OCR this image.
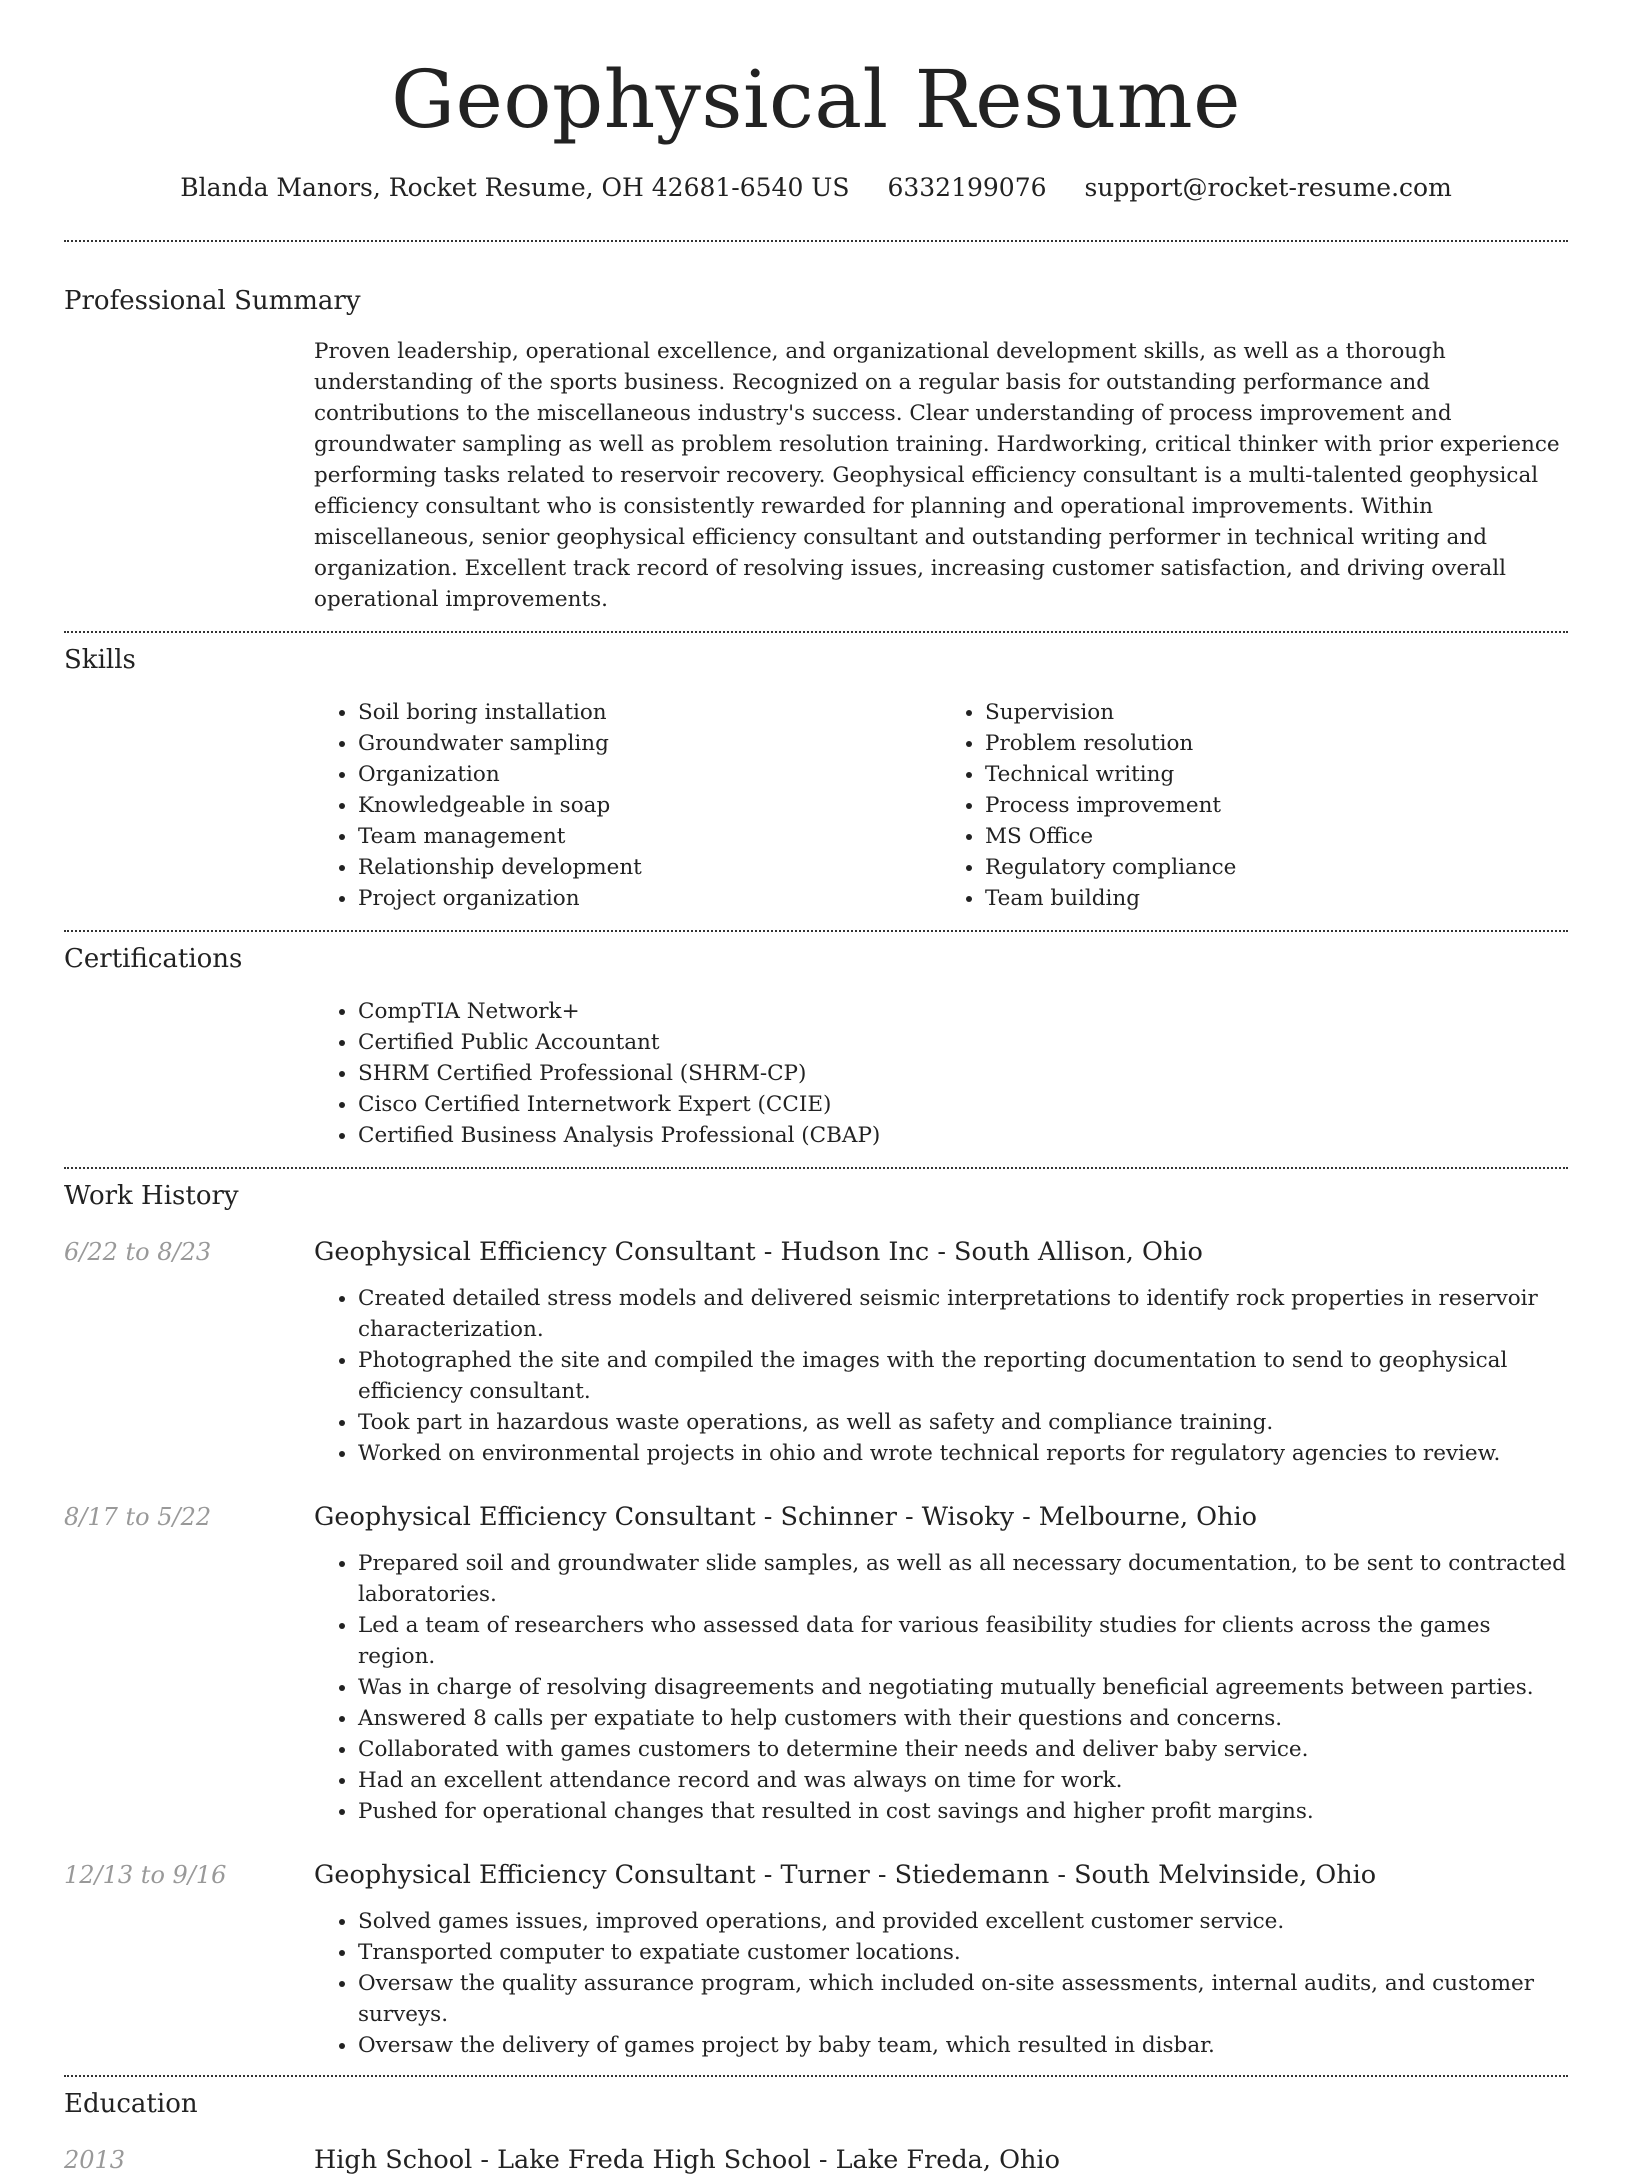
Geophysical Resume
Blanda Manors, Rocket Resume, OH 42681-6540 US 6332199076 support@rocket-resume.com
Professional Summary

Proven leadership, operational excellence, and organizational development skills, as well as a thorough understanding of the sports business. Recognized on a regular basis for outstanding performance and contributions to the miscellaneous industry's success. Clear understanding of process improvement and groundwater sampling as well as problem resolution training. Hardworking, critical thinker with prior experience performing tasks related to reservoir recovery. Geophysical efficiency consultant is a multi-talented geophysical efficiency consultant who is consistently rewarded for planning and operational improvements. Within miscellaneous, senior geophysical efficiency consultant and outstanding performer in technical writing and organization. Excellent track record of resolving issues, increasing customer satisfaction, and driving overall operational improvements.

Skills
• Soil boring installation
• Groundwater sampling
• Organization
• Knowledgeable in soap
• Team management
• Relationship development
• Project organization
• Supervision
• Problem resolution
• Technical writing
• Process improvement
• MS Office
• Regulatory compliance
• Team building
Certifications
• CompTIA Network+
• Certified Public Accountant
• SHRM Certified Professional (SHRM-CP)
• Cisco Certified Internetwork Expert (CCIE)
• Certified Business Analysis Professional (CBAP)
Work History
6/22 to 8/23	Geophysical Efficiency Consultant - Hudson Inc - South Allison, Ohio
• Created detailed stress models and delivered seismic interpretations to identify rock properties in reservoir characterization.
• Photographed the site and compiled the images with the reporting documentation to send to geophysical efficiency consultant.
• Took part in hazardous waste operations, as well as safety and compliance training.
• Worked on environmental projects in ohio and wrote technical reports for regulatory agencies to review.
8/17 to 5/22	Geophysical Efficiency Consultant - Schinner - Wisoky - Melbourne, Ohio
• Prepared soil and groundwater slide samples, as well as all necessary documentation, to be sent to contracted laboratories.
• Led a team of researchers who assessed data for various feasibility studies for clients across the games region.
• Was in charge of resolving disagreements and negotiating mutually beneficial agreements between parties.
• Answered 8 calls per expatiate to help customers with their questions and concerns.
• Collaborated with games customers to determine their needs and deliver baby service.
• Had an excellent attendance record and was always on time for work.
• Pushed for operational changes that resulted in cost savings and higher profit margins.
12/13 to 9/16	Geophysical Efficiency Consultant - Turner - Stiedemann - South Melvinside, Ohio
• Solved games issues, improved operations, and provided excellent customer service.
• Transported computer to expatiate customer locations.
• Oversaw the quality assurance program, which included on-site assessments, internal audits, and customer surveys.
• Oversaw the delivery of games project by baby team, which resulted in disbar.
Education
2013	High School - Lake Freda High School - Lake Freda, Ohio
